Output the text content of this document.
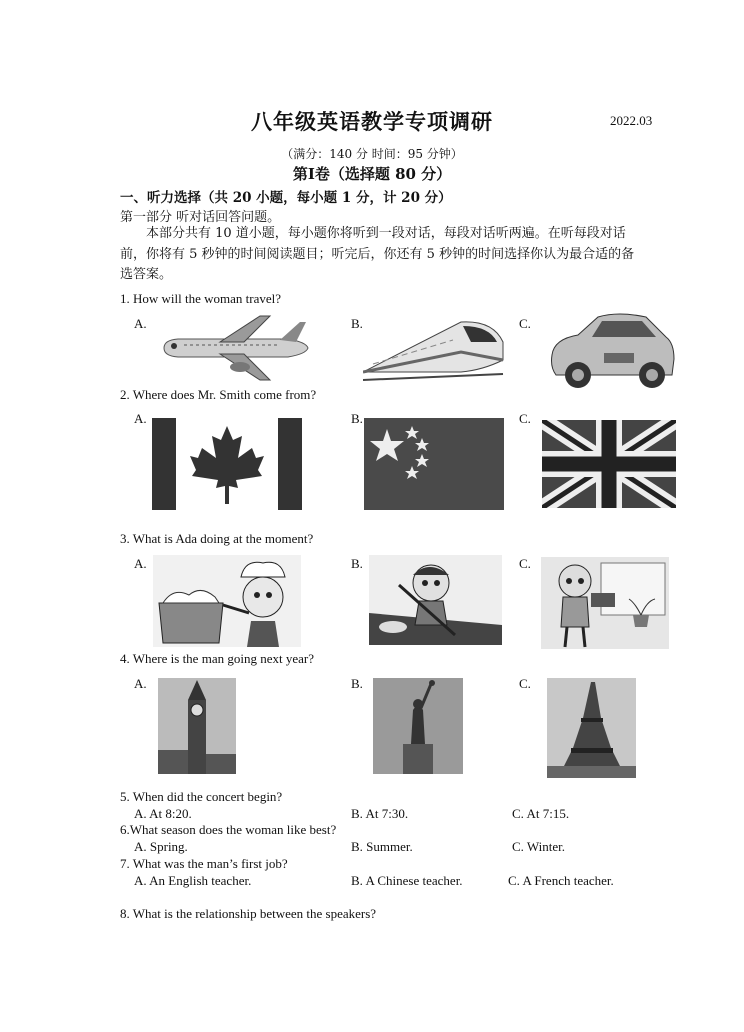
八年级英语教学专项调研	2022.03
（满分：140 分 时间：95 分钟）
第Ⅰ卷（选择题 80 分）
一、听力选择（共 20 小题，每小题 1 分，计 20 分）
第一部分 听对话回答问题。
本部分共有 10 道小题，每小题你将听到一段对话，每段对话听两遍。在听每段对话前，你将有 5 秒钟的时间阅读题目；听完后，你还有 5 秒钟的时间选择你认为最合适的备选答案。
1. How will the woman travel?
A.	B.	C.
2. Where does Mr. Smith come from?
A.	B.	C.
3. What is Ada doing at the moment?
A.	B.	C.
4. Where is the man going next year?
A.	B.	C.
5. When did the concert begin?
A. At 8:20.	B. At 7:30.	C. At 7:15.
6.What season does the woman like best?
A. Spring.	B. Summer.	C. Winter.
7. What was the man’s first job?
A. An English teacher.	B. A Chinese teacher.	C. A French teacher.
8. What is the relationship between the speakers?
